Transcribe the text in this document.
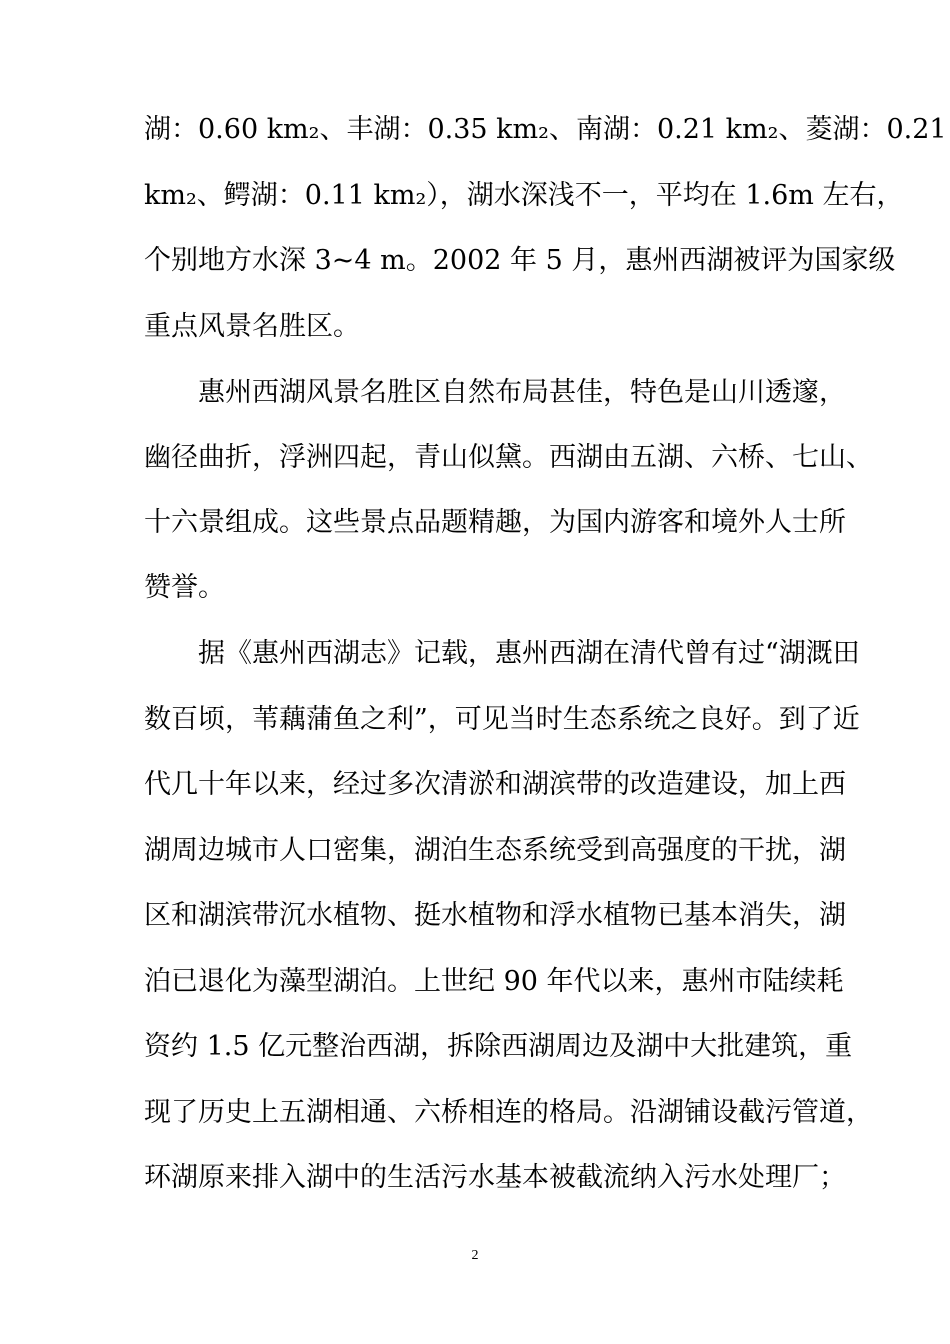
湖：0.60 km₂、丰湖：0.35 km₂、南湖：0.21 km₂、菱湖：0.21
km₂、鳄湖：0.11 km₂），湖水深浅不一，平均在 1.6m 左右，
个别地方水深 3~4 m。2002 年 5 月，惠州西湖被评为国家级
重点风景名胜区。
惠州西湖风景名胜区自然布局甚佳，特色是山川透邃，
幽径曲折，浮洲四起，青山似黛。西湖由五湖、六桥、七山、
十六景组成。这些景点品题精趣，为国内游客和境外人士所
赞誉。
据《惠州西湖志》记载，惠州西湖在清代曾有过“湖溉田
数百顷，苇藕蒲鱼之利”，可见当时生态系统之良好。到了近
代几十年以来，经过多次清淤和湖滨带的改造建设，加上西
湖周边城市人口密集，湖泊生态系统受到高强度的干扰，湖
区和湖滨带沉水植物、挺水植物和浮水植物已基本消失，湖
泊已退化为藻型湖泊。上世纪 90 年代以来，惠州市陆续耗
资约 1.5 亿元整治西湖，拆除西湖周边及湖中大批建筑，重
现了历史上五湖相通、六桥相连的格局。沿湖铺设截污管道，
环湖原来排入湖中的生活污水基本被截流纳入污水处理厂；
2
